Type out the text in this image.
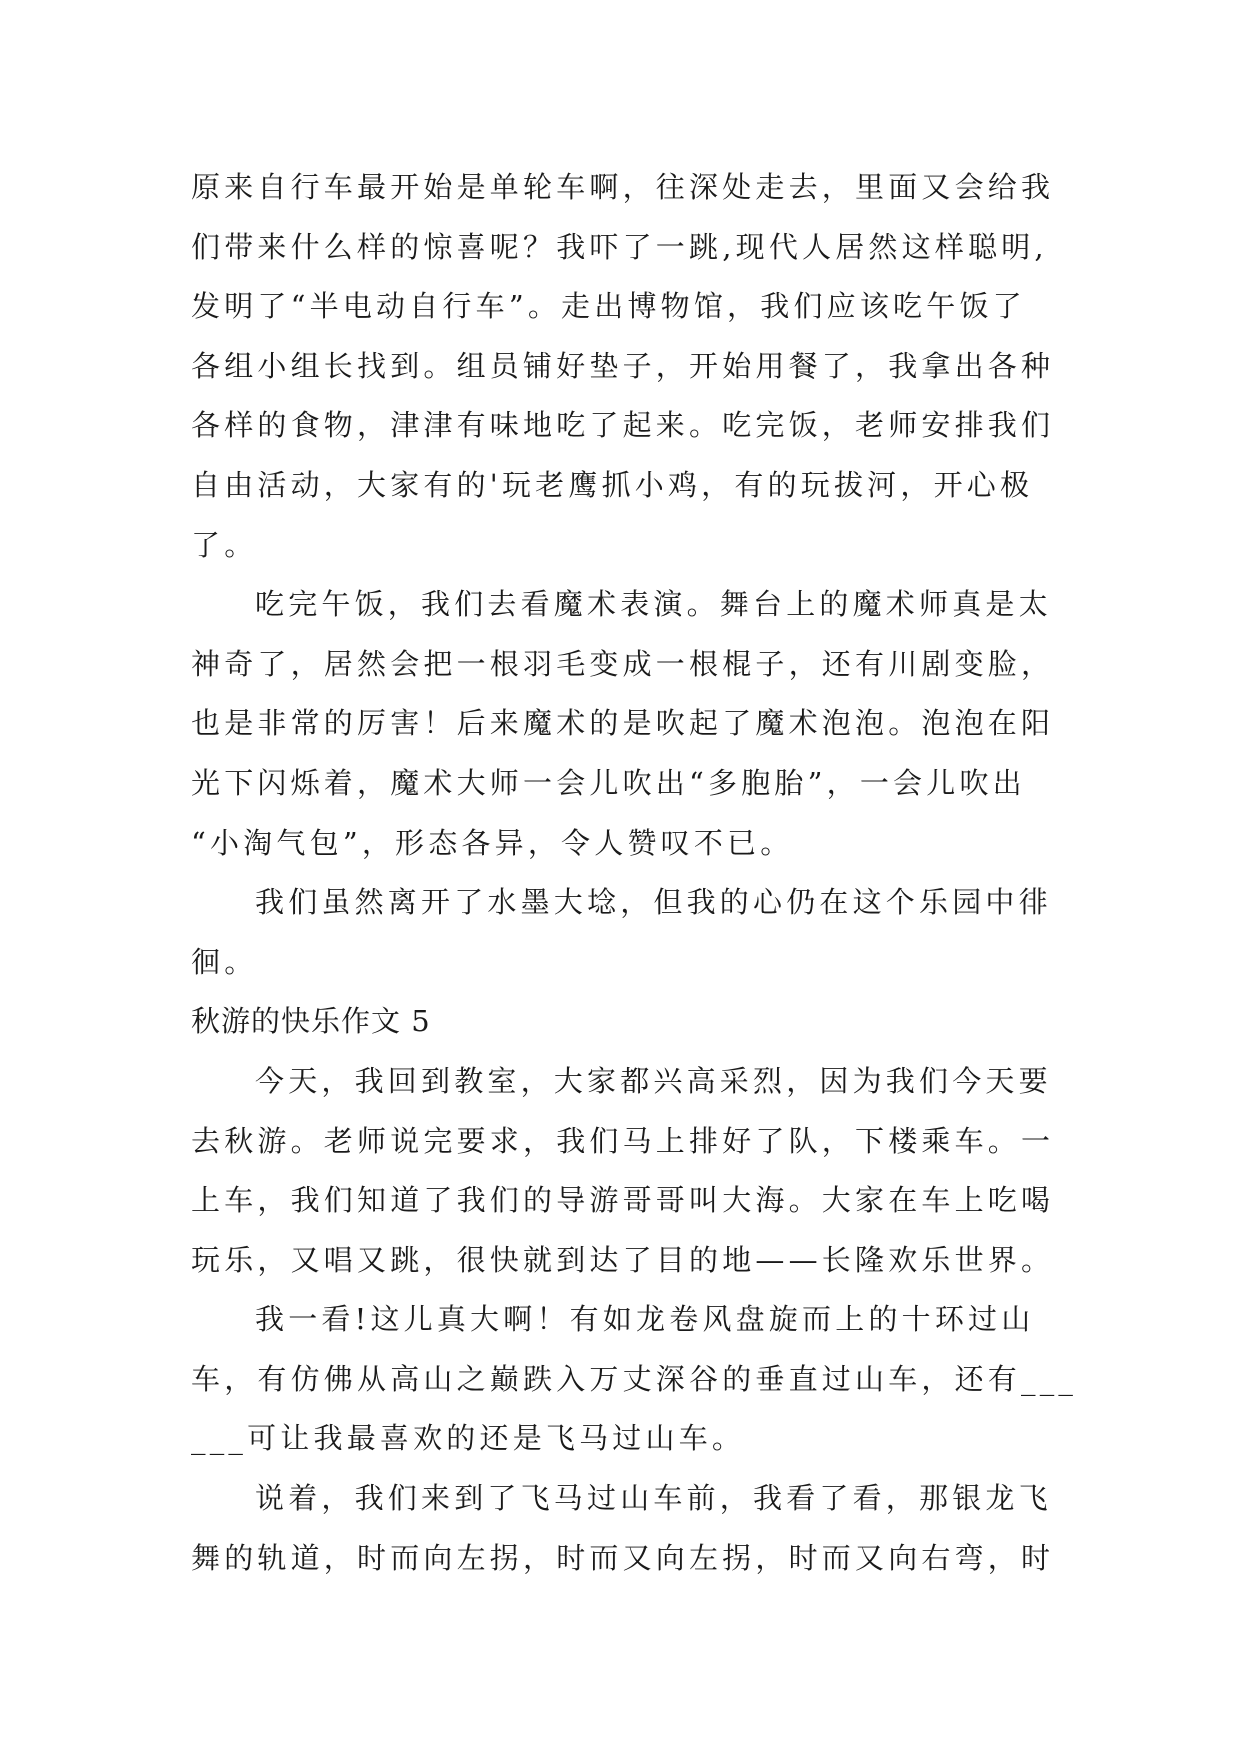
原来自行车最开始是单轮车啊，往深处走去，里面又会给我
们带来什么样的惊喜呢？我吓了一跳,现代人居然这样聪明,
发明了“半电动自行车”。走出博物馆，我们应该吃午饭了
各组小组长找到。组员铺好垫子，开始用餐了，我拿出各种
各样的食物，津津有味地吃了起来。吃完饭，老师安排我们
自由活动，大家有的'玩老鹰抓小鸡，有的玩拔河，开心极
了。
吃完午饭，我们去看魔术表演。舞台上的魔术师真是太
神奇了，居然会把一根羽毛变成一根棍子，还有川剧变脸，
也是非常的厉害！后来魔术的是吹起了魔术泡泡。泡泡在阳
光下闪烁着，魔术大师一会儿吹出“多胞胎”，一会儿吹出
“小淘气包”，形态各异，令人赞叹不已。
我们虽然离开了水墨大埝，但我的心仍在这个乐园中徘
徊。
秋游的快乐作文 5
今天，我回到教室，大家都兴高采烈，因为我们今天要
去秋游。老师说完要求，我们马上排好了队，下楼乘车。一
上车，我们知道了我们的导游哥哥叫大海。大家在车上吃喝
玩乐，又唱又跳，很快就到达了目的地——长隆欢乐世界。
我一看!这儿真大啊！有如龙卷风盘旋而上的十环过山
车，有仿佛从高山之巅跌入万丈深谷的垂直过山车，还有___
___可让我最喜欢的还是飞马过山车。
说着，我们来到了飞马过山车前，我看了看，那银龙飞
舞的轨道，时而向左拐，时而又向左拐，时而又向右弯，时
